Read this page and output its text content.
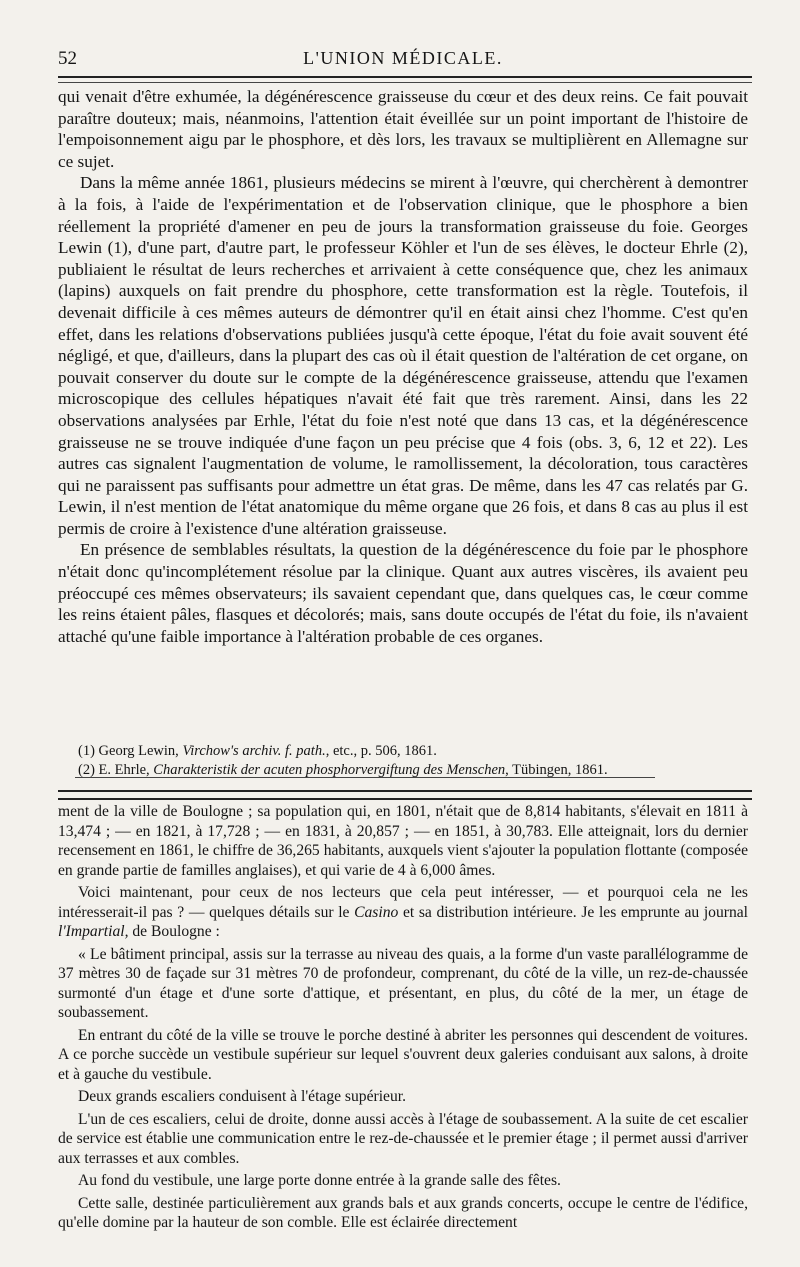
52	L'UNION MÉDICALE.

qui venait d'être exhumée, la dégénérescence graisseuse du cœur et des deux reins. Ce fait pouvait paraître douteux; mais, néanmoins, l'attention était éveillée sur un point important de l'histoire de l'empoisonnement aigu par le phosphore, et dès lors, les travaux se multiplièrent en Allemagne sur ce sujet.

Dans la même année 1861, plusieurs médecins se mirent à l'œuvre, qui cherchèrent à demontrer à la fois, à l'aide de l'expérimentation et de l'observation clinique, que le phosphore a bien réellement la propriété d'amener en peu de jours la transformation graisseuse du foie. Georges Lewin (1), d'une part, d'autre part, le professeur Köhler et l'un de ses élèves, le docteur Ehrle (2), publiaient le résultat de leurs recherches et arrivaient à cette conséquence que, chez les animaux (lapins) auxquels on fait prendre du phosphore, cette transformation est la règle. Toutefois, il devenait difficile à ces mêmes auteurs de démontrer qu'il en était ainsi chez l'homme. C'est qu'en effet, dans les relations d'observations publiées jusqu'à cette époque, l'état du foie avait souvent été négligé, et que, d'ailleurs, dans la plupart des cas où il était question de l'altération de cet organe, on pouvait conserver du doute sur le compte de la dégénérescence graisseuse, attendu que l'examen microscopique des cellules hépatiques n'avait été fait que très rarement. Ainsi, dans les 22 observations analysées par Erhle, l'état du foie n'est noté que dans 13 cas, et la dégénérescence graisseuse ne se trouve indiquée d'une façon un peu précise que 4 fois (obs. 3, 6, 12 et 22). Les autres cas signalent l'augmentation de volume, le ramollissement, la décoloration, tous caractères qui ne paraissent pas suffisants pour admettre un état gras. De même, dans les 47 cas relatés par G. Lewin, il n'est mention de l'état anatomique du même organe que 26 fois, et dans 8 cas au plus il est permis de croire à l'existence d'une altération graisseuse.

En présence de semblables résultats, la question de la dégénérescence du foie par le phosphore n'était donc qu'incomplétement résolue par la clinique. Quant aux autres viscères, ils avaient peu préoccupé ces mêmes observateurs; ils savaient cependant que, dans quelques cas, le cœur comme les reins étaient pâles, flasques et décolorés; mais, sans doute occupés de l'état du foie, ils n'avaient attaché qu'une faible importance à l'altération probable de ces organes.

(1) Georg Lewin, Virchow's archiv. f. path., etc., p. 506, 1861.
(2) E. Ehrle, Charakteristik der acuten phosphorvergiftung des Menschen, Tübingen, 1861.

ment de la ville de Boulogne ; sa population qui, en 1801, n'était que de 8,814 habitants, s'élevait en 1811 à 13,474 ; — en 1821, à 17,728 ; — en 1831, à 20,857 ; — en 1851, à 30,783. Elle atteignait, lors du dernier recensement en 1861, le chiffre de 36,265 habitants, auxquels vient s'ajouter la population flottante (composée en grande partie de familles anglaises), et qui varie de 4 à 6,000 âmes.

Voici maintenant, pour ceux de nos lecteurs que cela peut intéresser, — et pourquoi cela ne les intéresserait-il pas ? — quelques détails sur le Casino et sa distribution intérieure. Je les emprunte au journal l'Impartial, de Boulogne :

« Le bâtiment principal, assis sur la terrasse au niveau des quais, a la forme d'un vaste parallélogramme de 37 mètres 30 de façade sur 31 mètres 70 de profondeur, comprenant, du côté de la ville, un rez-de-chaussée surmonté d'un étage et d'une sorte d'attique, et présentant, en plus, du côté de la mer, un étage de soubassement.

En entrant du côté de la ville se trouve le porche destiné à abriter les personnes qui descendent de voitures. A ce porche succède un vestibule supérieur sur lequel s'ouvrent deux galeries conduisant aux salons, à droite et à gauche du vestibule.

Deux grands escaliers conduisent à l'étage supérieur.

L'un de ces escaliers, celui de droite, donne aussi accès à l'étage de soubassement. A la suite de cet escalier de service est établie une communication entre le rez-de-chaussée et le premier étage ; il permet aussi d'arriver aux terrasses et aux combles.

Au fond du vestibule, une large porte donne entrée à la grande salle des fêtes.

Cette salle, destinée particulièrement aux grands bals et aux grands concerts, occupe le centre de l'édifice, qu'elle domine par la hauteur de son comble. Elle est éclairée directement
